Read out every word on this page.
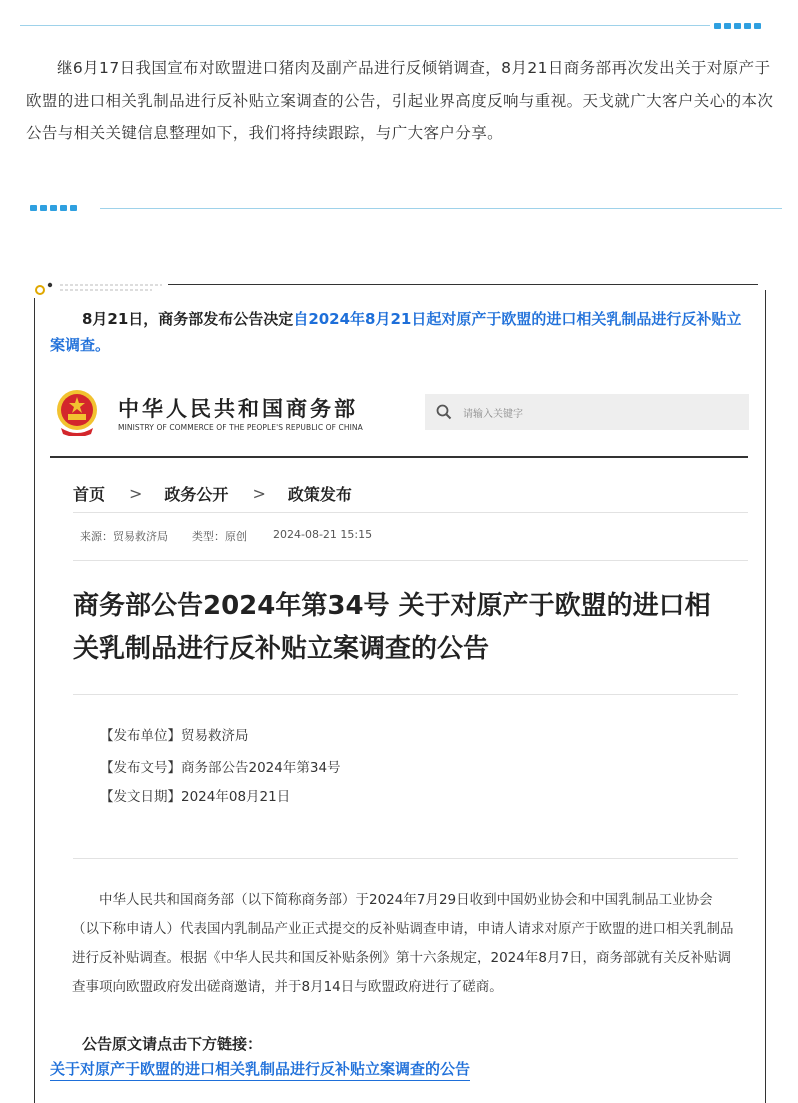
继6月17日我国宣布对欧盟进口猪肉及副产品进行反倾销调查，8月21日商务部再次发出关于对原产于欧盟的进口相关乳制品进行反补贴立案调查的公告，引起业界高度反响与重视。天戈就广大客户关心的本次公告与相关关键信息整理如下，我们将持续跟踪，与广大客户分享。

8月21日，商务部发布公告决定自2024年8月21日起对原产于欧盟的进口相关乳制品进行反补贴立案调查。

中华人民共和国商务部
MINISTRY OF COMMERCE OF THE PEOPLE'S REPUBLIC OF CHINA
请输入关键字
首页 > 政务公开 > 政策发布
来源：贸易救济局 类型：原创 2024-08-21 15:15
商务部公告2024年第34号 关于对原产于欧盟的进口相关乳制品进行反补贴立案调查的公告
【发布单位】贸易救济局
【发布文号】商务部公告2024年第34号
【发文日期】2024年08月21日

中华人民共和国商务部（以下简称商务部）于2024年7月29日收到中国奶业协会和中国乳制品工业协会（以下称申请人）代表国内乳制品产业正式提交的反补贴调查申请，申请人请求对原产于欧盟的进口相关乳制品进行反补贴调查。根据《中华人民共和国反补贴条例》第十六条规定，2024年8月7日，商务部就有关反补贴调查事项向欧盟政府发出磋商邀请，并于8月14日与欧盟政府进行了磋商。

公告原文请点击下方链接：
关于对原产于欧盟的进口相关乳制品进行反补贴立案调查的公告
